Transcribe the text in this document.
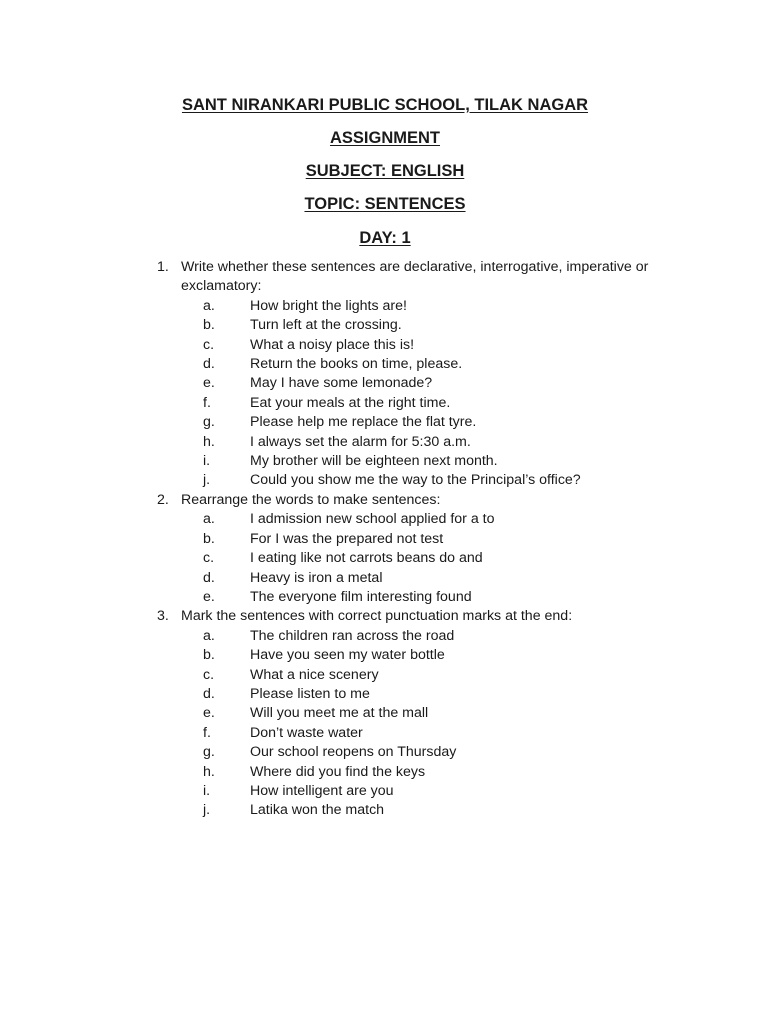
SANT NIRANKARI PUBLIC SCHOOL, TILAK NAGAR
ASSIGNMENT
SUBJECT: ENGLISH
TOPIC: SENTENCES
DAY: 1
1. Write whether these sentences are declarative, interrogative, imperative or exclamatory:
a. How bright the lights are!
b. Turn left at the crossing.
c.	What a noisy place this is!
d. Return the books on time, please.
e. May I have some lemonade?
f.	Eat your meals at the right time.
g. Please help me replace the flat tyre.
h. I always set the alarm for 5:30 a.m.
i.	My brother will be eighteen next month.
j.	Could you show me the way to the Principal’s office?
2. Rearrange the words to make sentences:
a. I admission new school applied for a to
b. For I was the prepared not test
c.	I eating like not carrots beans do and
d. Heavy is iron a metal
e. The everyone film interesting found
3. Mark the sentences with correct punctuation marks at the end:
a. The children ran across the road
b. Have you seen my water bottle
c.	What a nice scenery
d. Please listen to me
e. Will you meet me at the mall
f.	Don’t waste water
g. Our school reopens on Thursday
h. Where did you find the keys
i.	How intelligent are you
j.	Latika won the match
